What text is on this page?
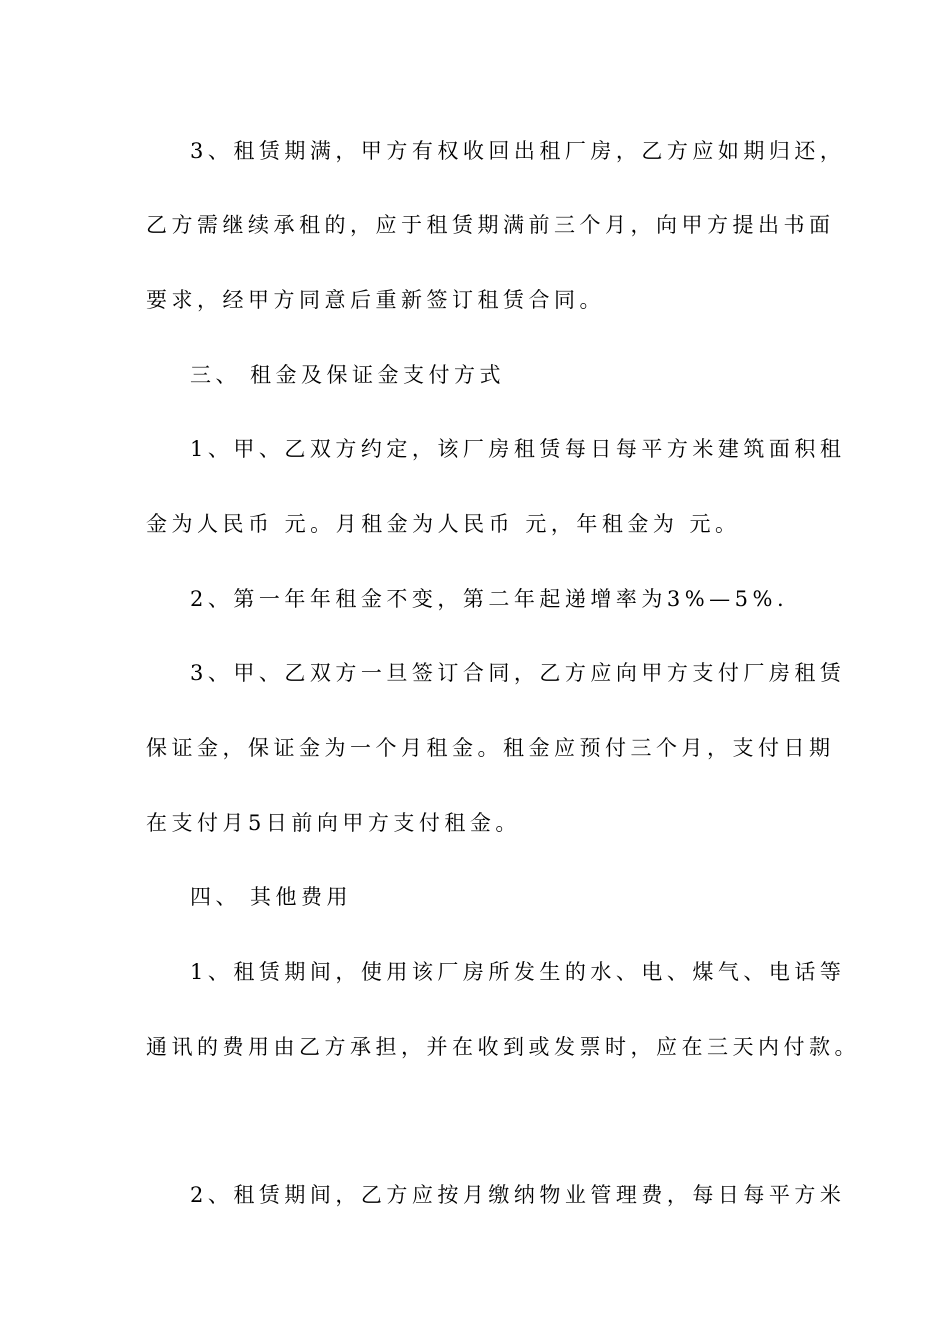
3、租赁期满，甲方有权收回出租厂房，乙方应如期归还，
乙方需继续承租的，应于租赁期满前三个月，向甲方提出书面
要求，经甲方同意后重新签订租赁合同。
三、 租金及保证金支付方式
1、甲、乙双方约定，该厂房租赁每日每平方米建筑面积租
金为人民币 元。月租金为人民币 元，年租金为 元。
2、第一年年租金不变，第二年起递增率为3%—5%.
3、甲、乙双方一旦签订合同，乙方应向甲方支付厂房租赁
保证金，保证金为一个月租金。租金应预付三个月，支付日期
在支付月5日前向甲方支付租金。
四、 其他费用
1、租赁期间，使用该厂房所发生的水、电、煤气、电话等
通讯的费用由乙方承担，并在收到或发票时，应在三天内付款。
2、租赁期间，乙方应按月缴纳物业管理费，每日每平方米
